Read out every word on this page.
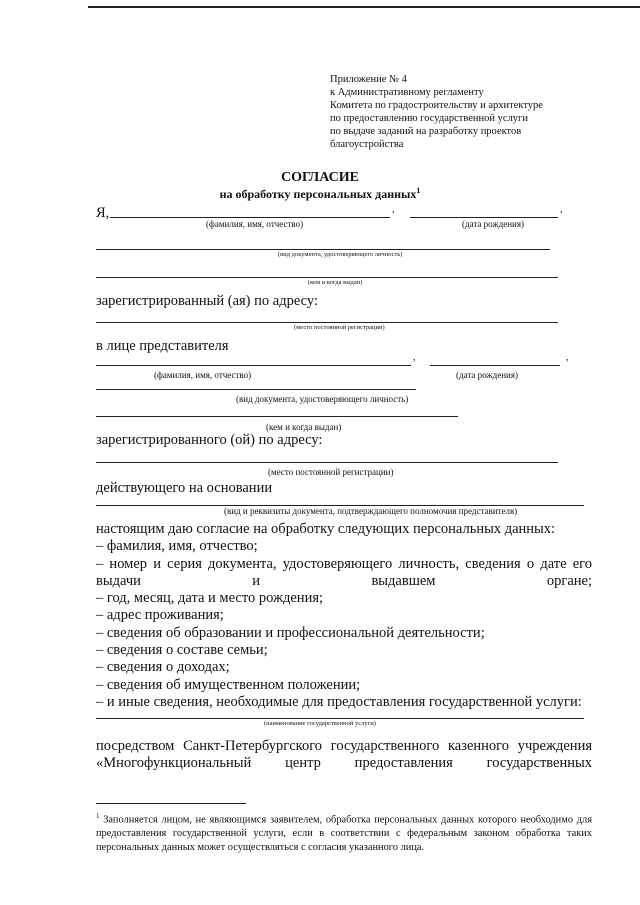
Приложение № 4
к Административному регламенту
Комитета по градостроительству и архитектуре
по предоставлению государственной услуги
по выдаче заданий на разработку проектов
благоустройства
СОГЛАСИЕ
на обработку персональных данных$^1$
Я,	,	,
(фамилия, имя, отчество)	(дата рождения)
(вид документа, удостоверяющего личность)
(кем и когда выдан)
зарегистрированный (ая) по адресу:
(место постоянной регистрации)
в лице представителя
,	,
(фамилия, имя, отчество)	(дата рождения)
(вид документа, удостоверяющего личность)
(кем и когда выдан)
зарегистрированного (ой) по адресу:
(место постоянной регистрации)
действующего на основании
(вид и реквизиты документа, подтверждающего полномочия представителя)
настоящим даю согласие на обработку следующих персональных данных:
– фамилия, имя, отчество;
– номер и серия документа, удостоверяющего личность, сведения о дате его выдачи и выдавшем органе;
– год, месяц, дата и место рождения;
– адрес проживания;
– сведения об образовании и профессиональной деятельности;
– сведения о составе семьи;
– сведения о доходах;
– сведения об имущественном положении;
– и иные сведения, необходимые для предоставления государственной услуги:
(наименование государственной услуги)
посредством Санкт-Петербургского государственного казенного учреждения
«Многофункциональный центр предоставления государственных
$^1$ Заполняется лицом, не являющимся заявителем, обработка персональных данных которого необходимо для предоставления государственной услуги, если в соответствии с федеральным законом обработка таких персональных данных может осуществляться с согласия указанного лица.
